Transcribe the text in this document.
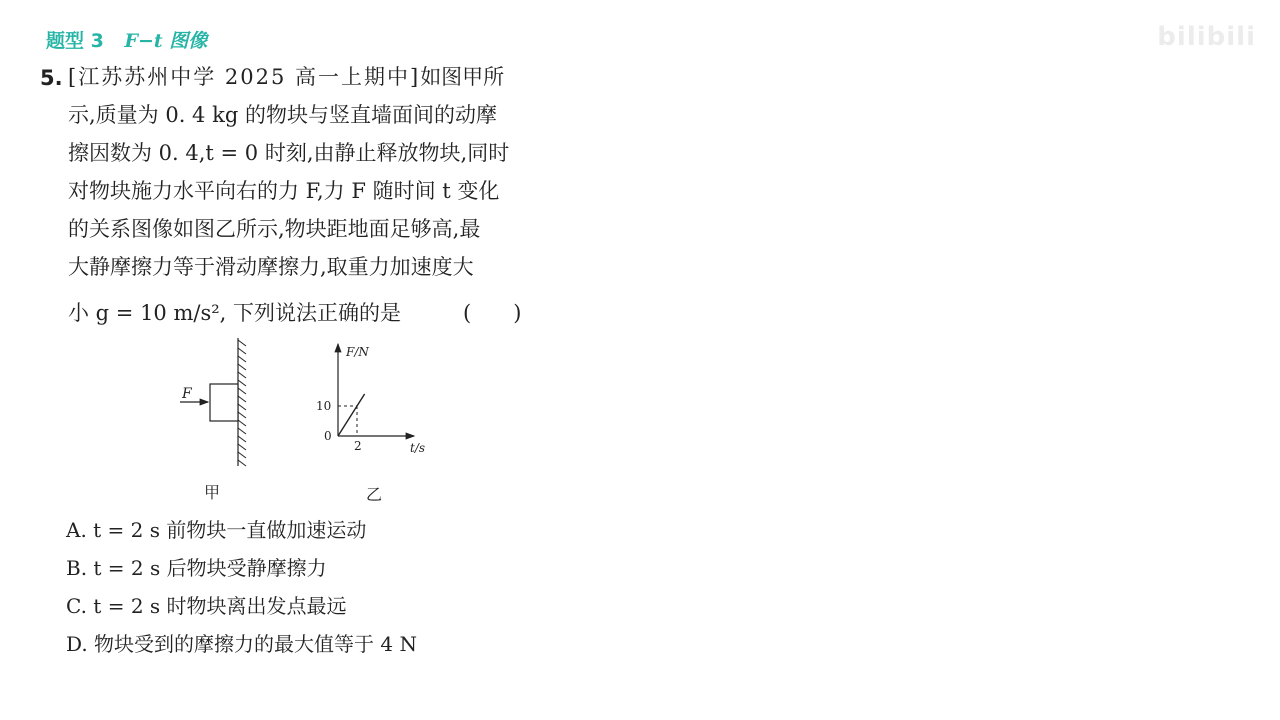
题型 3 F−t 图像	bilibili
5. [江苏苏州中学 2025 高一上期中]如图甲所
示,质量为 0. 4 kg 的物块与竖直墙面间的动摩
擦因数为 0. 4,t = 0 时刻,由静止释放物块,同时
对物块施力水平向右的力 F,力 F 随时间 t 变化
的关系图像如图乙所示,物块距地面足够高,最
大静摩擦力等于滑动摩擦力,取重力加速度大
小 g = 10 m/s², 下列说法正确的是	(　　)
F
甲
F/N
t/s
0
10
2
乙
A. t = 2 s 前物块一直做加速运动
B. t = 2 s 后物块受静摩擦力
C. t = 2 s 时物块离出发点最远
D. 物块受到的摩擦力的最大值等于 4 N
